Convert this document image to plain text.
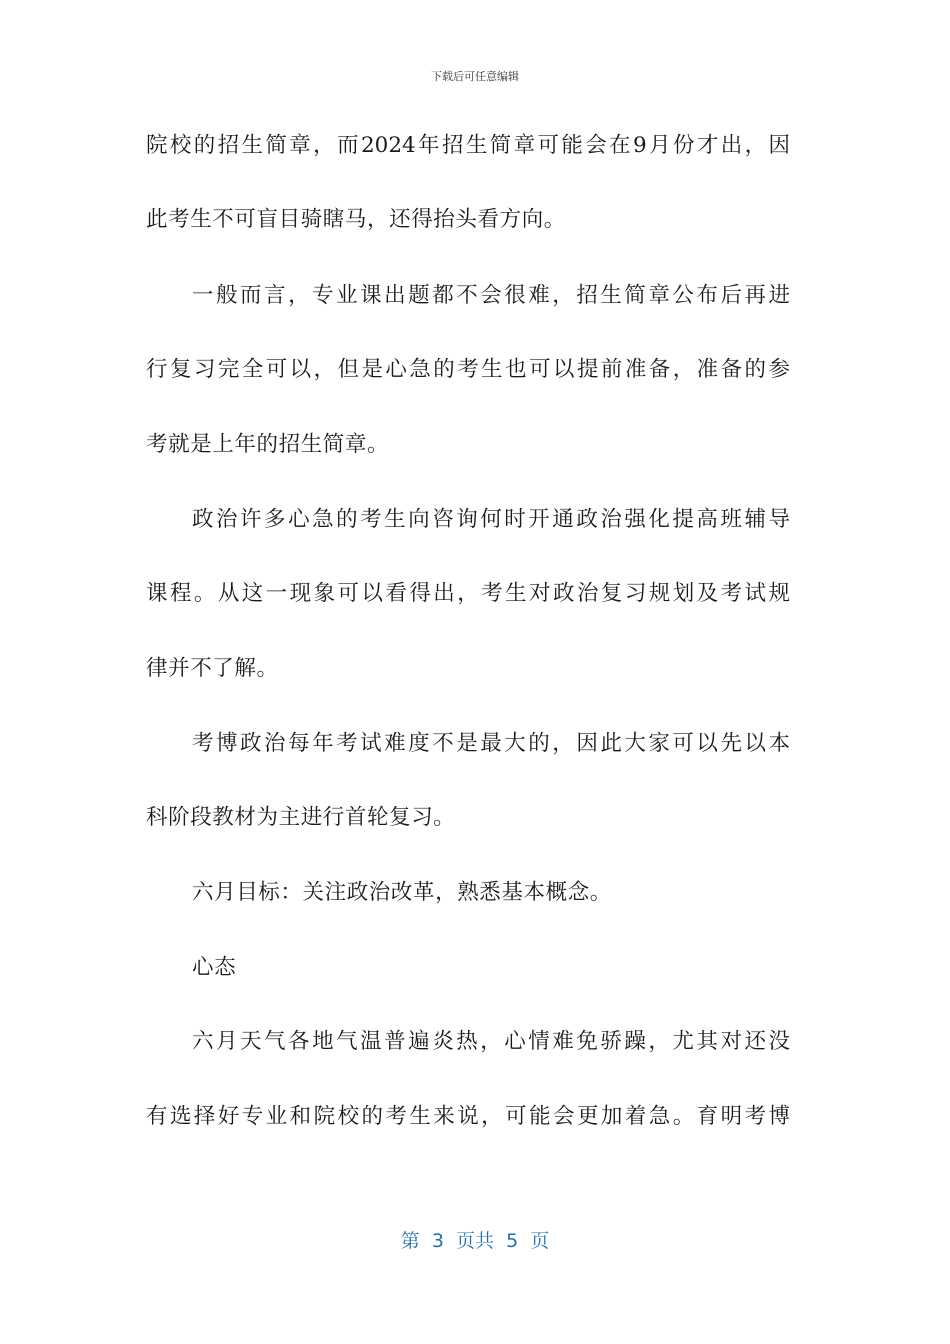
下载后可任意编辑
院校的招生简章，而2024年招生简章可能会在9月份才出，因
此考生不可盲目骑瞎马，还得抬头看方向。
一般而言，专业课出题都不会很难，招生简章公布后再进
行复习完全可以，但是心急的考生也可以提前准备，准备的参
考就是上年的招生简章。
政治许多心急的考生向咨询何时开通政治强化提高班辅导
课程。从这一现象可以看得出，考生对政治复习规划及考试规
律并不了解。
考博政治每年考试难度不是最大的，因此大家可以先以本
科阶段教材为主进行首轮复习。
六月目标：关注政治改革，熟悉基本概念。
心态
六月天气各地气温普遍炎热，心情难免骄躁，尤其对还没
有选择好专业和院校的考生来说，可能会更加着急。育明考博
第  3  页共  5  页
